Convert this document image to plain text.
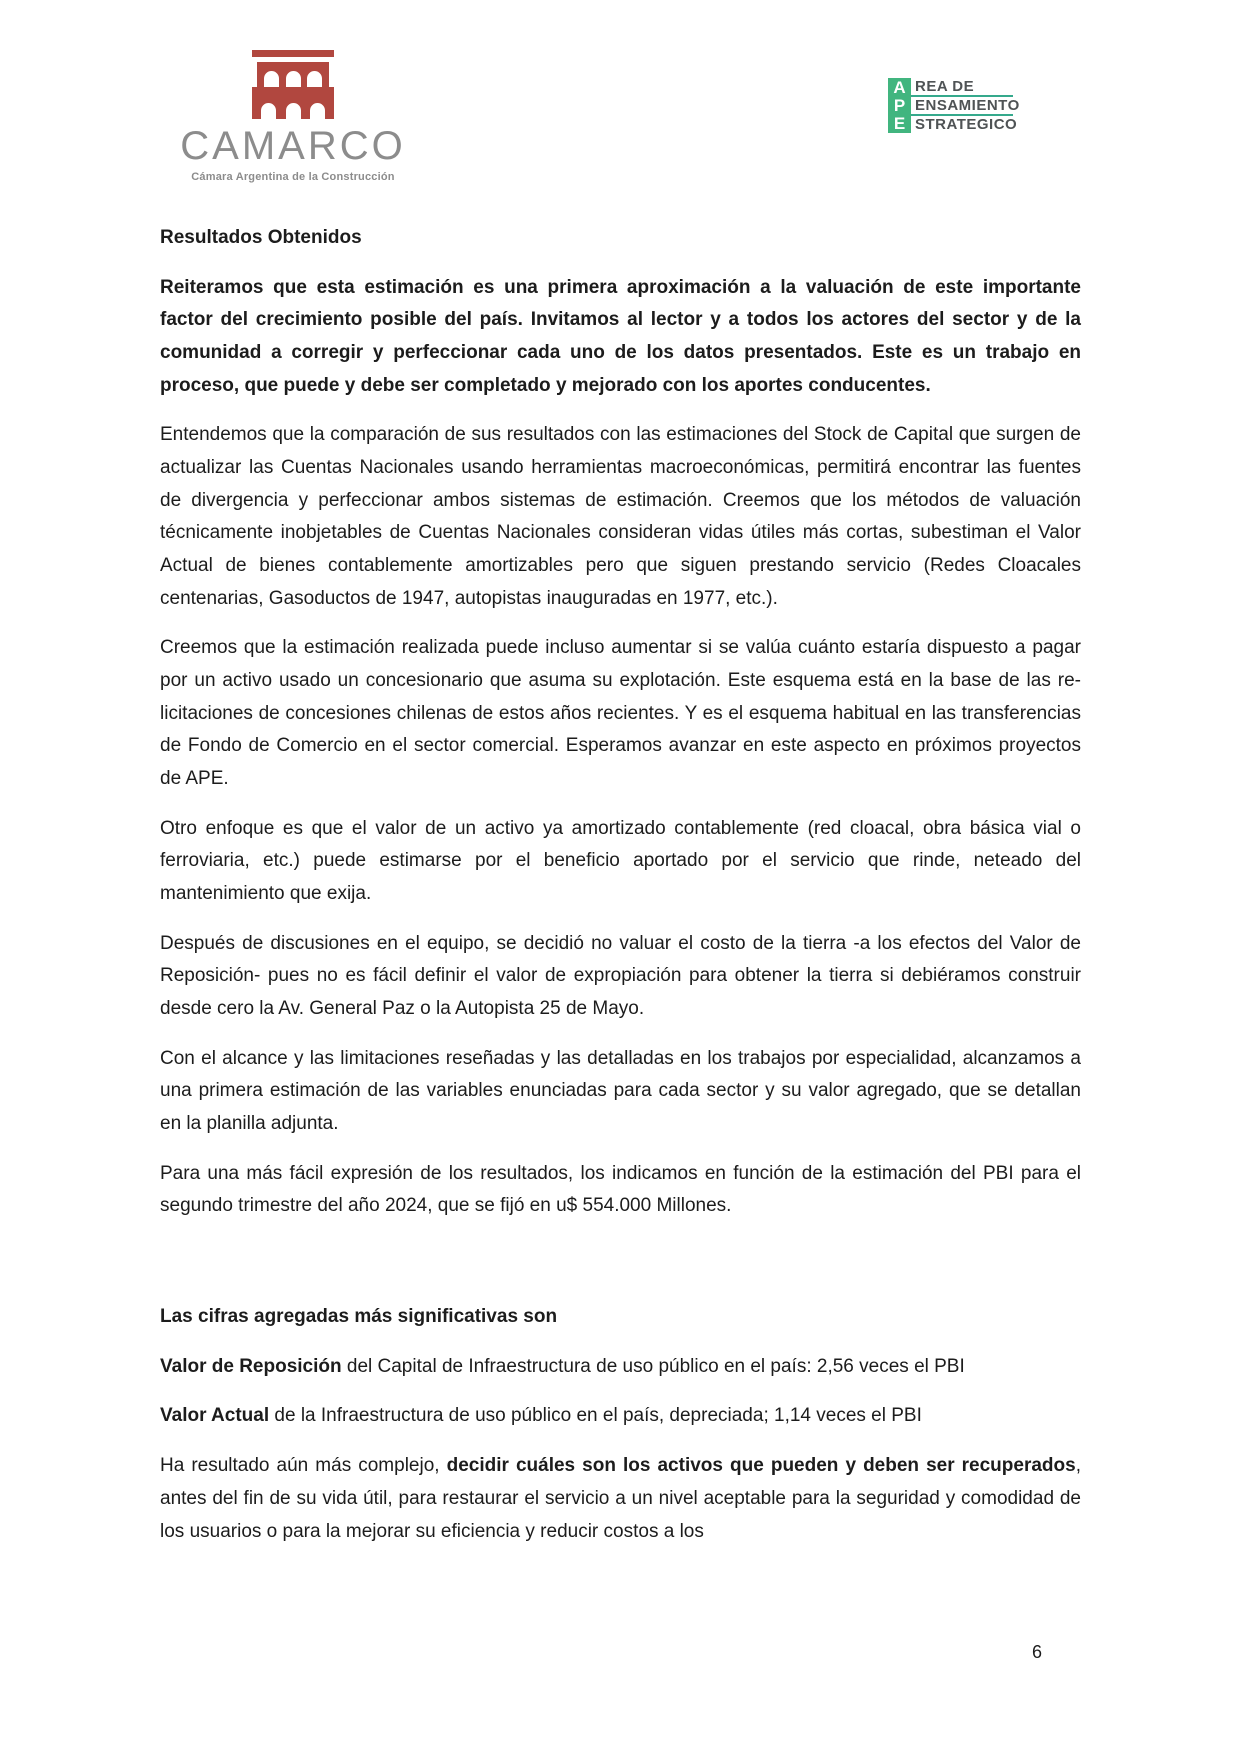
CAMARCO
Cámara Argentina de la Construcción
A
P
E
REA DE
ENSAMIENTO
STRATEGICO

Resultados Obtenidos

Reiteramos que esta estimación es una primera aproximación a la valuación de este importante factor del crecimiento posible del país. Invitamos al lector y a todos los actores del sector y de la comunidad a corregir y perfeccionar cada uno de los datos presentados. Este es un trabajo en proceso, que puede y debe ser completado y mejorado con los aportes conducentes.

Entendemos que la comparación de sus resultados con las estimaciones del Stock de Capital que surgen de actualizar las Cuentas Nacionales usando herramientas macroeconómicas, permitirá encontrar las fuentes de divergencia y perfeccionar ambos sistemas de estimación. Creemos que los métodos de valuación técnicamente inobjetables de Cuentas Nacionales consideran vidas útiles más cortas, subestiman el Valor Actual de bienes contablemente amortizables pero que siguen prestando servicio (Redes Cloacales centenarias, Gasoductos de 1947, autopistas inauguradas en 1977, etc.).

Creemos que la estimación realizada puede incluso aumentar si se valúa cuánto estaría dispuesto a pagar por un activo usado un concesionario que asuma su explotación. Este esquema está en la base de las re-licitaciones de concesiones chilenas de estos años recientes. Y es el esquema habitual en las transferencias de Fondo de Comercio en el sector comercial. Esperamos avanzar en este aspecto en próximos proyectos de APE.

Otro enfoque es que el valor de un activo ya amortizado contablemente (red cloacal, obra básica vial o ferroviaria, etc.) puede estimarse por el beneficio aportado por el servicio que rinde, neteado del mantenimiento que exija.

Después de discusiones en el equipo, se decidió no valuar el costo de la tierra -a los efectos del Valor de Reposición- pues no es fácil definir el valor de expropiación para obtener la tierra si debiéramos construir desde cero la Av. General Paz o la Autopista 25 de Mayo.

Con el alcance y las limitaciones reseñadas y las detalladas en los trabajos por especialidad, alcanzamos a una primera estimación de las variables enunciadas para cada sector y su valor agregado, que se detallan en la planilla adjunta.

Para una más fácil expresión de los resultados, los indicamos en función de la estimación del PBI para el segundo trimestre del año 2024, que se fijó en u$ 554.000 Millones.

Las cifras agregadas más significativas son

Valor de Reposición del Capital de Infraestructura de uso público en el país: 2,56 veces el PBI

Valor Actual de la Infraestructura de uso público en el país, depreciada; 1,14 veces el PBI

Ha resultado aún más complejo, decidir cuáles son los activos que pueden y deben ser recuperados, antes del fin de su vida útil, para restaurar el servicio a un nivel aceptable para la seguridad y comodidad de los usuarios o para la mejorar su eficiencia y reducir costos a los

6
